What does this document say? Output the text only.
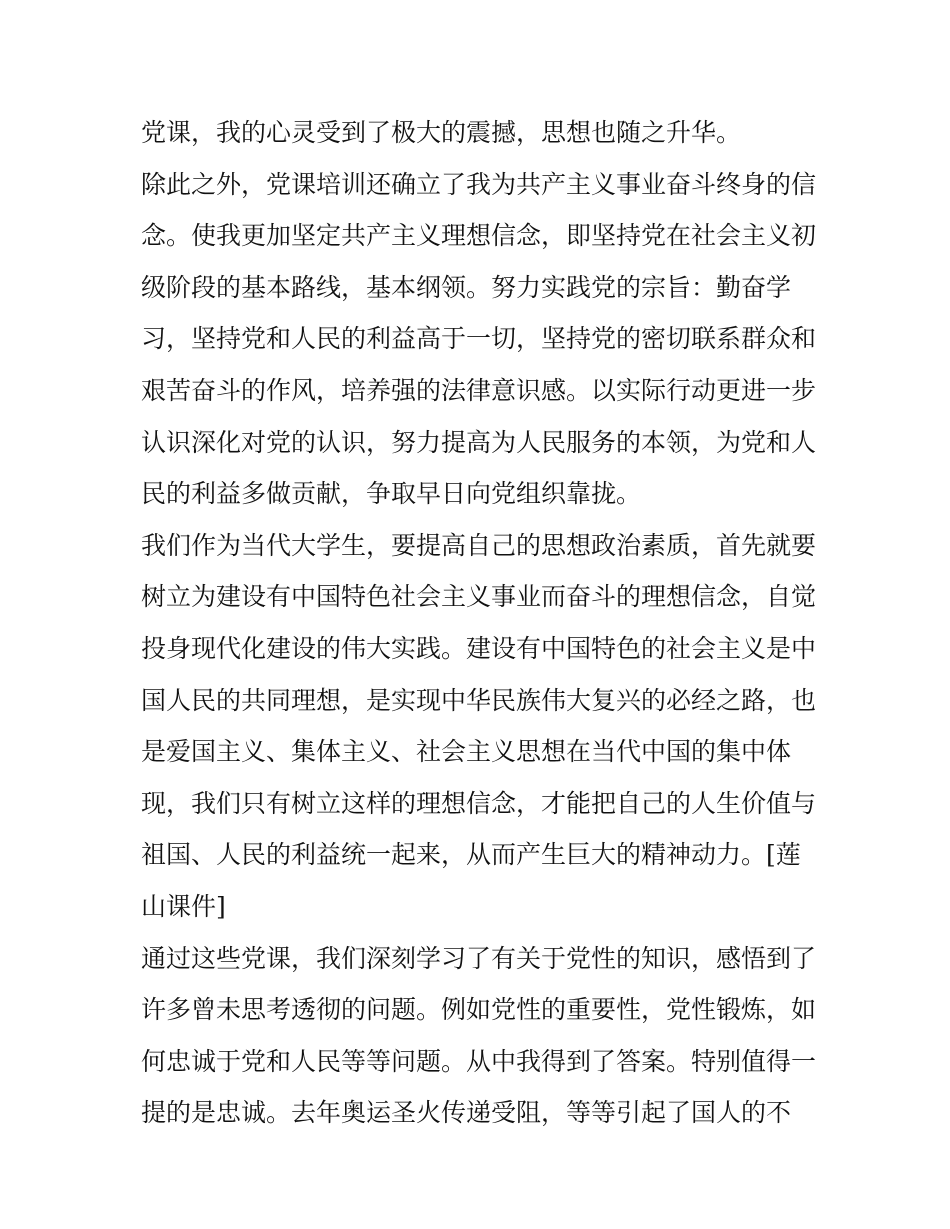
党课，我的心灵受到了极大的震撼，思想也随之升华。
除此之外，党课培训还确立了我为共产主义事业奋斗终身的信
念。使我更加坚定共产主义理想信念，即坚持党在社会主义初
级阶段的基本路线，基本纲领。努力实践党的宗旨：勤奋学
习，坚持党和人民的利益高于一切，坚持党的密切联系群众和
艰苦奋斗的作风，培养强的法律意识感。以实际行动更进一步
认识深化对党的认识，努力提高为人民服务的本领，为党和人
民的利益多做贡献，争取早日向党组织靠拢。
我们作为当代大学生，要提高自己的思想政治素质，首先就要
树立为建设有中国特色社会主义事业而奋斗的理想信念，自觉
投身现代化建设的伟大实践。建设有中国特色的社会主义是中
国人民的共同理想，是实现中华民族伟大复兴的必经之路，也
是爱国主义、集体主义、社会主义思想在当代中国的集中体
现，我们只有树立这样的理想信念，才能把自己的人生价值与
祖国、人民的利益统一起来，从而产生巨大的精神动力。[莲
山课件]
通过这些党课，我们深刻学习了有关于党性的知识，感悟到了
许多曾未思考透彻的问题。例如党性的重要性，党性锻炼，如
何忠诚于党和人民等等问题。从中我得到了答案。特别值得一
提的是忠诚。去年奥运圣火传递受阻，等等引起了国人的不
